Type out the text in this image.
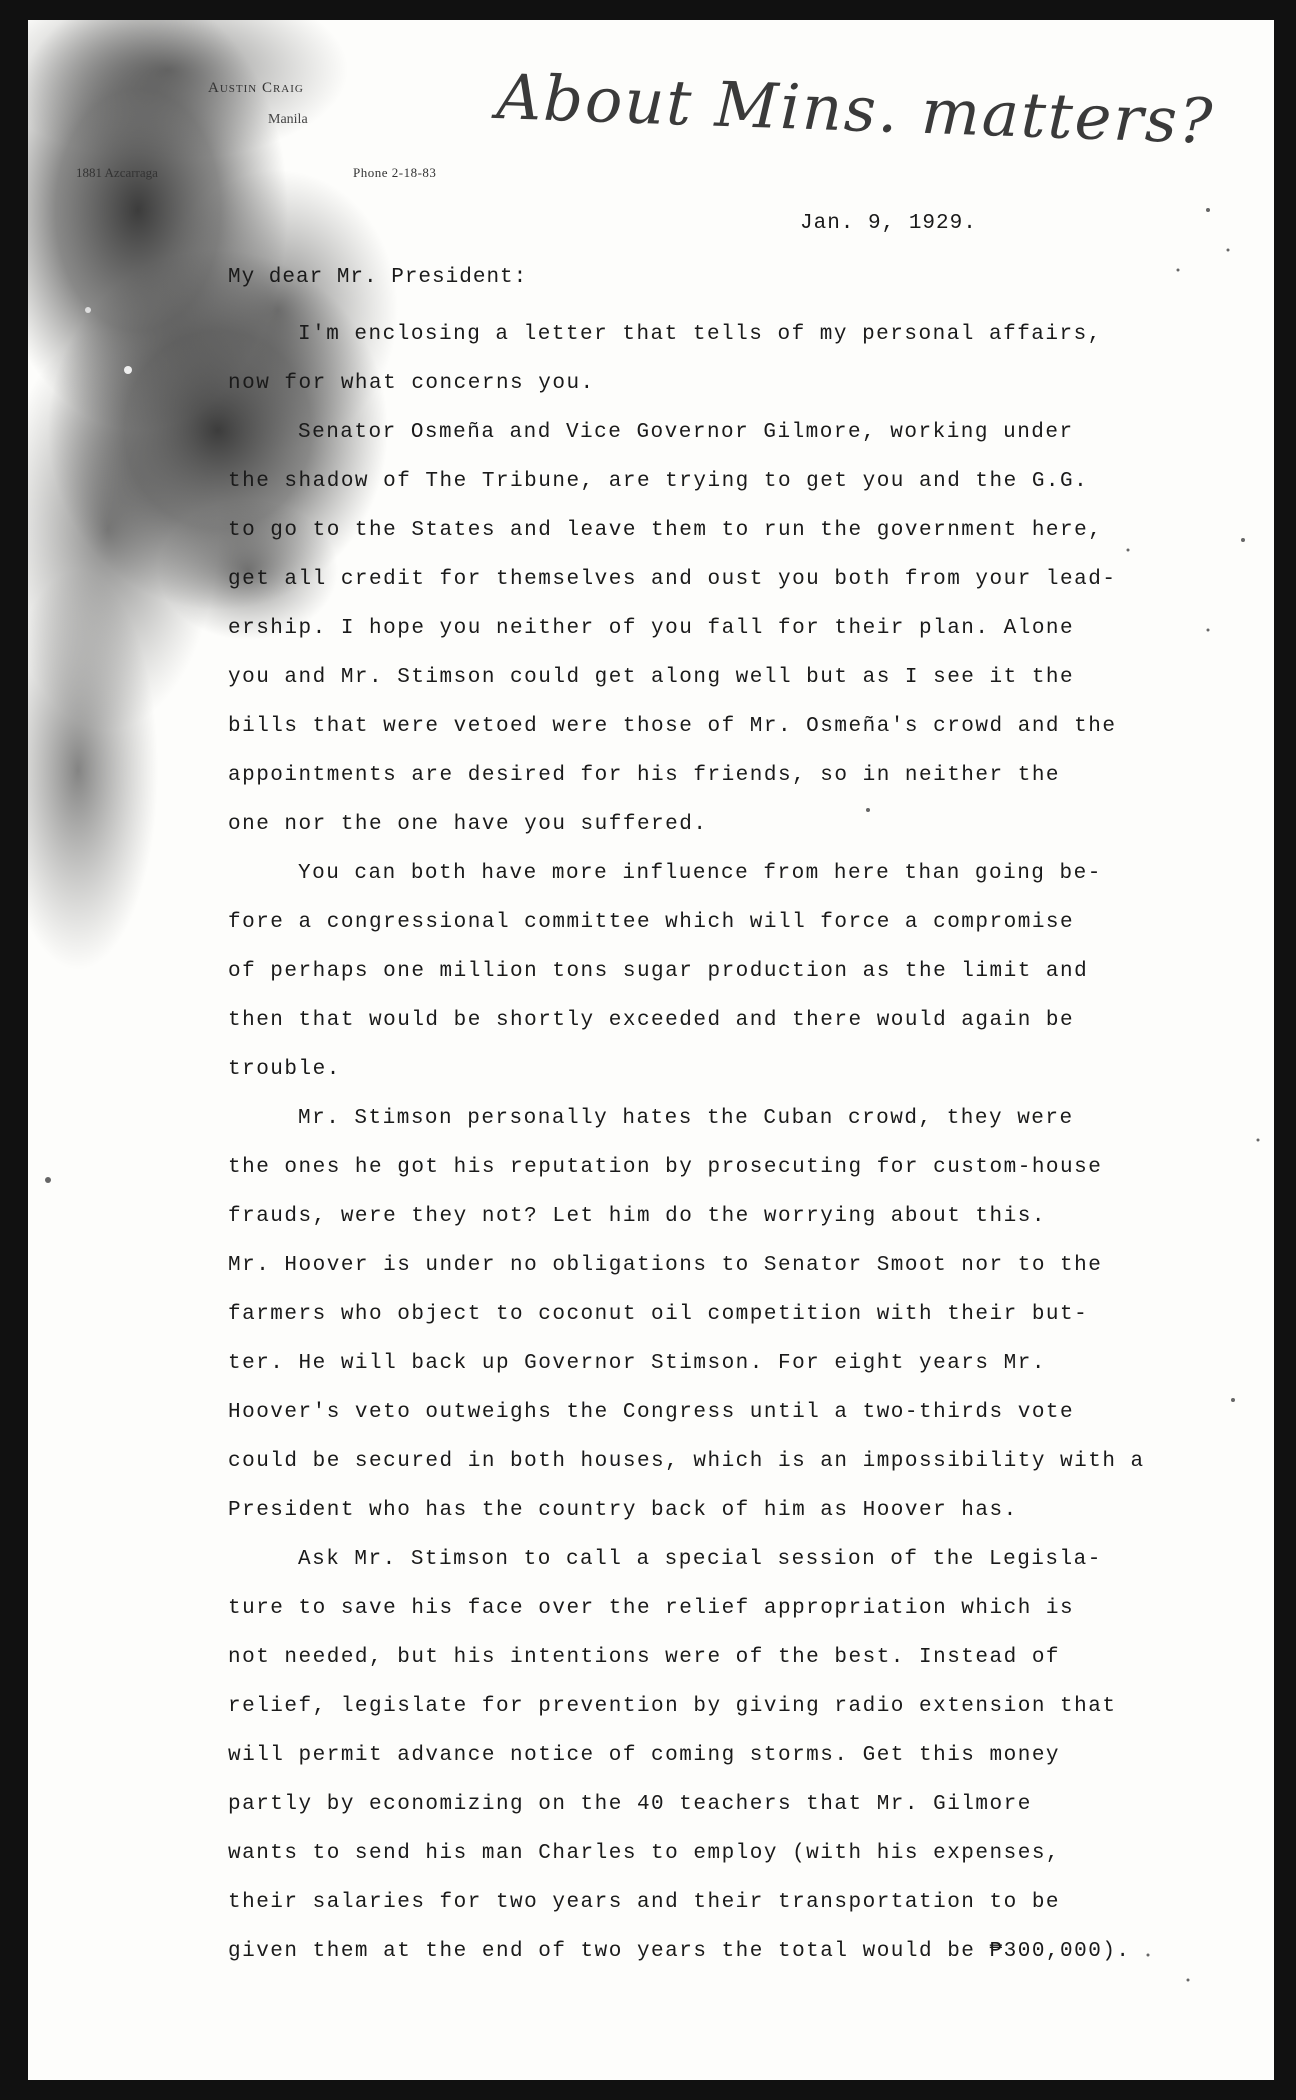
Austin Craig
Manila
1881 Azcarraga	Phone 2-18-83
About Mins. matters?
Jan. 9, 1929.
My dear Mr. President:

I'm enclosing a letter that tells of my personal affairs,
now for what concerns you.

Senator Osmeña and Vice Governor Gilmore, working under
the shadow of The Tribune, are trying to get you and the G.G.
to go to the States and leave them to run the government here,
get all credit for themselves and oust you both from your lead-
ership. I hope you neither of you fall for their plan. Alone
you and Mr. Stimson could get along well but as I see it the
bills that were vetoed were those of Mr. Osmeña's crowd and the
appointments are desired for his friends, so in neither the
one nor the one have you suffered.

You can both have more influence from here than going be-
fore a congressional committee which will force a compromise
of perhaps one million tons sugar production as the limit and
then that would be shortly exceeded and there would again be
trouble.

Mr. Stimson personally hates the Cuban crowd, they were
the ones he got his reputation by prosecuting for custom-house
frauds, were they not? Let him do the worrying about this.
Mr. Hoover is under no obligations to Senator Smoot nor to the
farmers who object to coconut oil competition with their but-
ter. He will back up Governor Stimson. For eight years Mr.
Hoover's veto outweighs the Congress until a two-thirds vote
could be secured in both houses, which is an impossibility with a
President who has the country back of him as Hoover has.

Ask Mr. Stimson to call a special session of the Legisla-
ture to save his face over the relief appropriation which is
not needed, but his intentions were of the best. Instead of
relief, legislate for prevention by giving radio extension that
will permit advance notice of coming storms. Get this money
partly by economizing on the 40 teachers that Mr. Gilmore
wants to send his man Charles to employ (with his expenses,
their salaries for two years and their transportation to be
given them at the end of two years the total would be ₱300,000).
